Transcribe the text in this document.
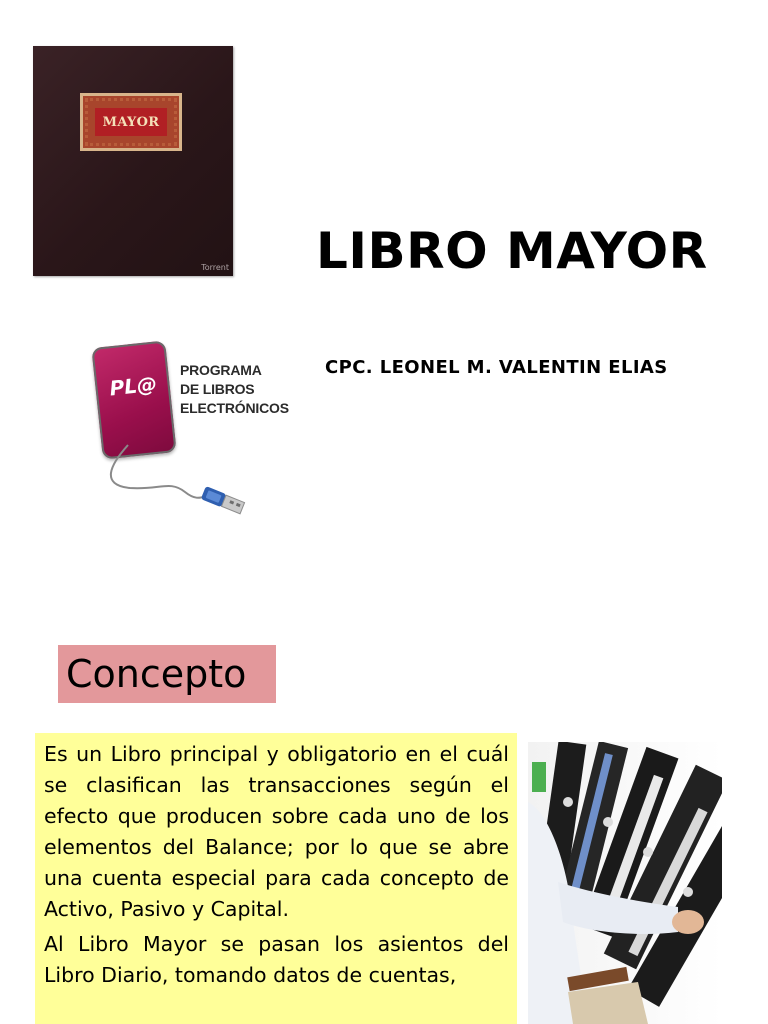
MAYOR
Torrent LIBRO MAYOR
CPC. LEONEL M. VALENTIN ELIAS
PL@
PROGRAMA
DE LIBROS
ELECTRÓNICOS
Concepto

Es un Libro principal y obligatorio en el cuál se clasifican las transacciones según el efecto que producen sobre cada uno de los elementos del Balance; por lo que se abre una cuenta especial para cada concepto de Activo, Pasivo y Capital.

Al Libro Mayor se pasan los asientos del Libro Diario, tomando datos de cuentas,
